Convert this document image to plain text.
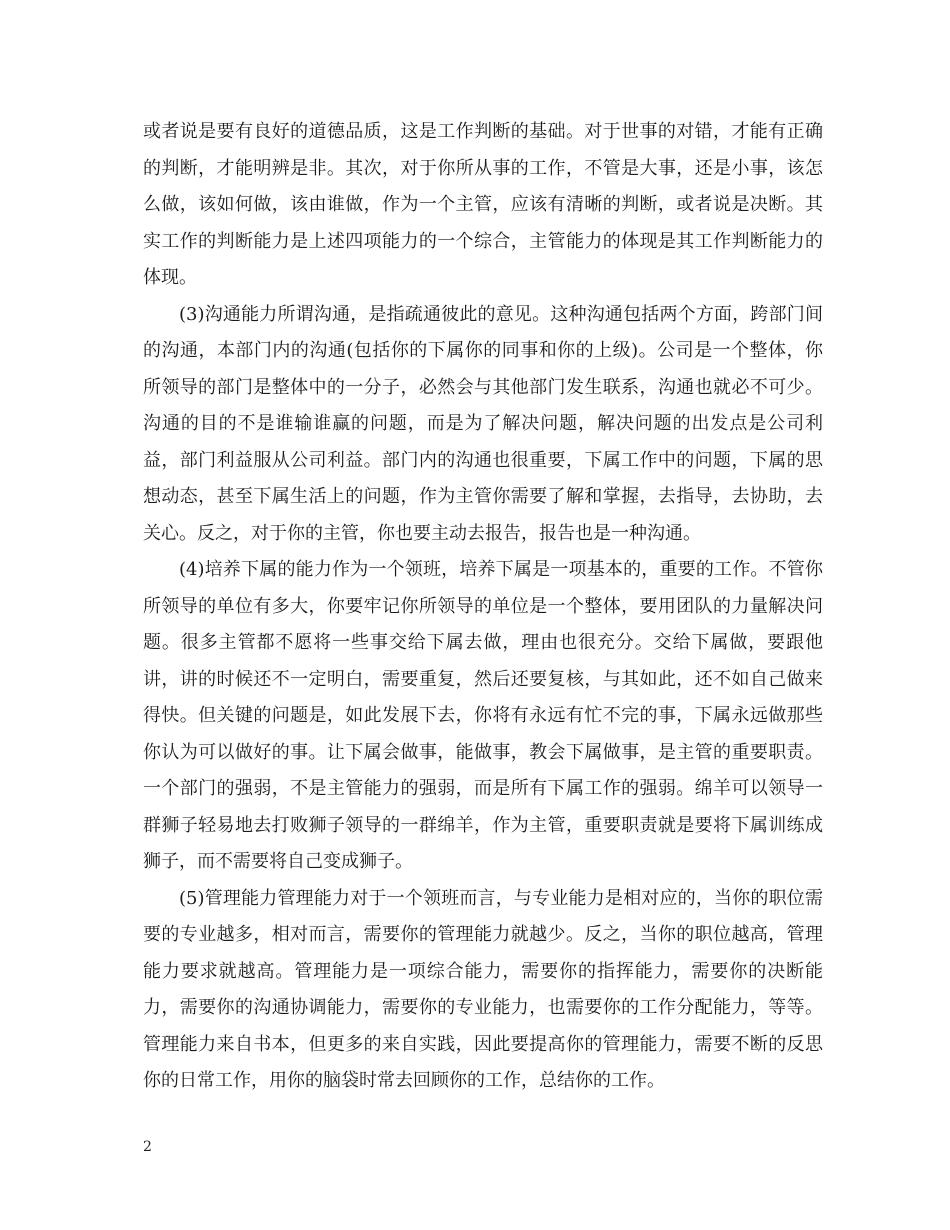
或者说是要有良好的道德品质，这是工作判断的基础。对于世事的对错，才能有正确的判断，才能明辨是非。其次，对于你所从事的工作，不管是大事，还是小事，该怎么做，该如何做，该由谁做，作为一个主管，应该有清晰的判断，或者说是决断。其实工作的判断能力是上述四项能力的一个综合，主管能力的体现是其工作判断能力的体现。

(3)沟通能力所谓沟通，是指疏通彼此的意见。这种沟通包括两个方面，跨部门间的沟通，本部门内的沟通(包括你的下属你的同事和你的上级)。公司是一个整体，你所领导的部门是整体中的一分子，必然会与其他部门发生联系，沟通也就必不可少。沟通的目的不是谁输谁赢的问题，而是为了解决问题，解决问题的出发点是公司利益，部门利益服从公司利益。部门内的沟通也很重要，下属工作中的问题，下属的思想动态，甚至下属生活上的问题，作为主管你需要了解和掌握，去指导，去协助，去关心。反之，对于你的主管，你也要主动去报告，报告也是一种沟通。

(4)培养下属的能力作为一个领班，培养下属是一项基本的，重要的工作。不管你所领导的单位有多大，你要牢记你所领导的单位是一个整体，要用团队的力量解决问题。很多主管都不愿将一些事交给下属去做，理由也很充分。交给下属做，要跟他讲，讲的时候还不一定明白，需要重复，然后还要复核，与其如此，还不如自己做来得快。但关键的问题是，如此发展下去，你将有永远有忙不完的事，下属永远做那些你认为可以做好的事。让下属会做事，能做事，教会下属做事，是主管的重要职责。一个部门的强弱，不是主管能力的强弱，而是所有下属工作的强弱。绵羊可以领导一群狮子轻易地去打败狮子领导的一群绵羊，作为主管，重要职责就是要将下属训练成狮子，而不需要将自己变成狮子。

(5)管理能力管理能力对于一个领班而言，与专业能力是相对应的，当你的职位需要的专业越多，相对而言，需要你的管理能力就越少。反之，当你的职位越高，管理能力要求就越高。管理能力是一项综合能力，需要你的指挥能力，需要你的决断能力，需要你的沟通协调能力，需要你的专业能力，也需要你的工作分配能力，等等。管理能力来自书本，但更多的来自实践，因此要提高你的管理能力，需要不断的反思你的日常工作，用你的脑袋时常去回顾你的工作，总结你的工作。

2
